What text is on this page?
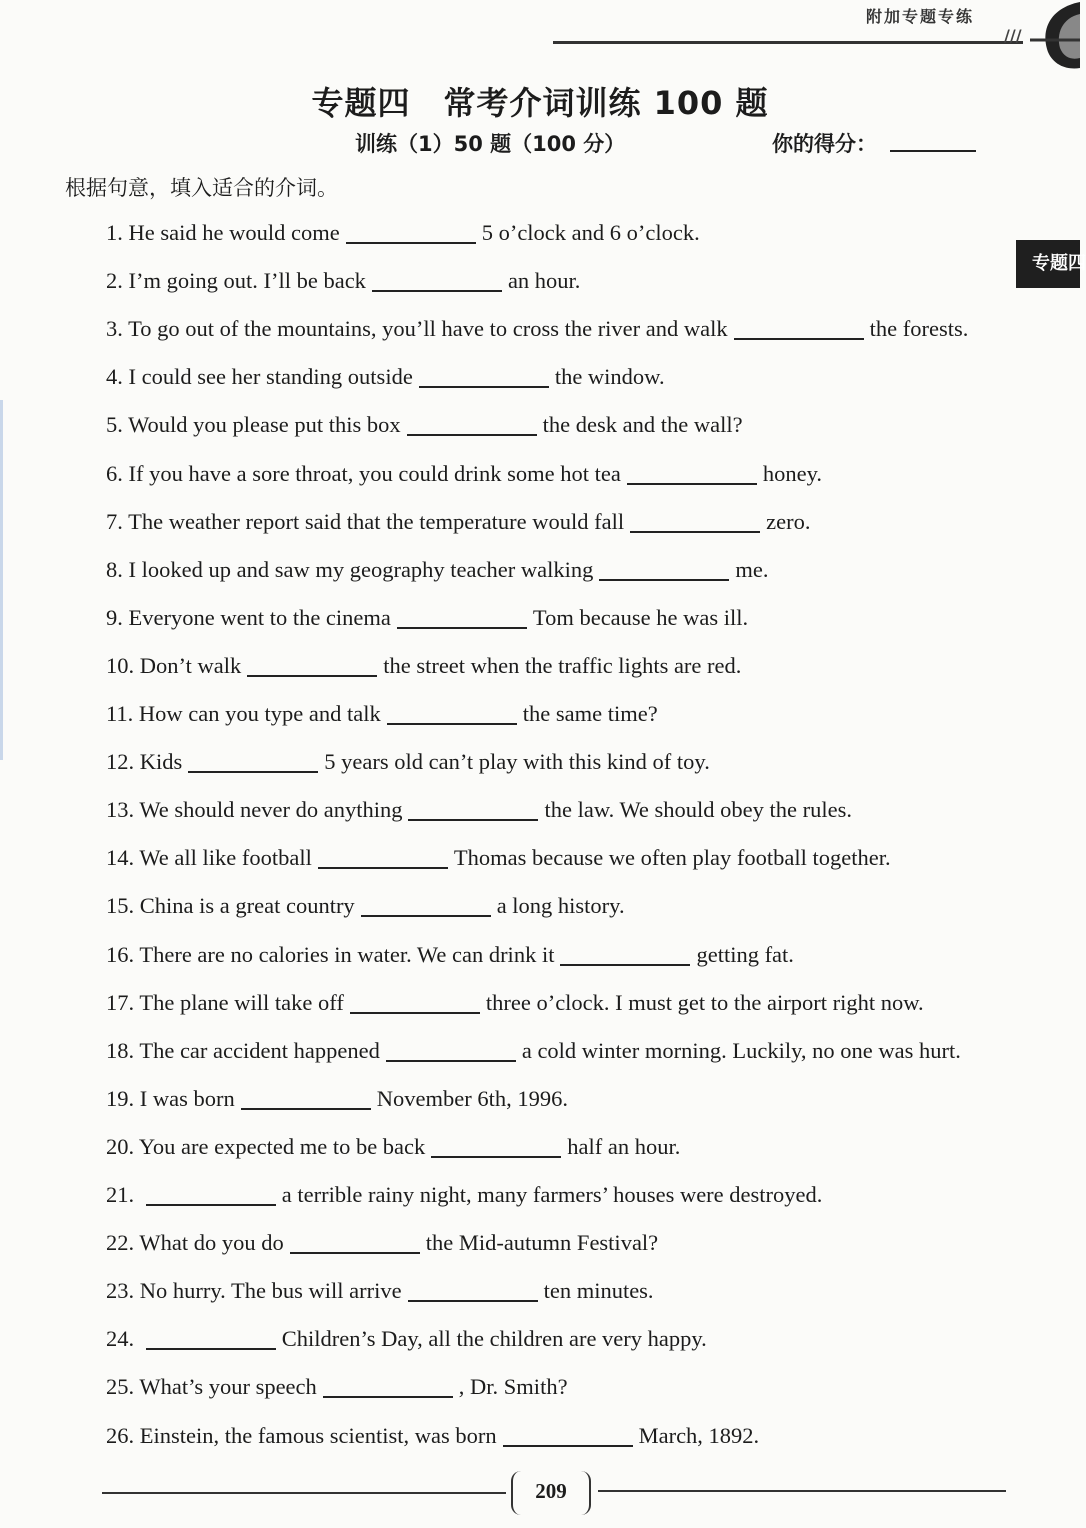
附加专题专练
///
专题四
专题四　常考介词训练 100 题
训练（1）50 题（100 分）	你的得分：
根据句意，填入适合的介词。
1. He said he would come	5 o’clock and 6 o’clock.
2. I’m going out. I’ll be back	an hour.
3. To go out of the mountains, you’ll have to cross the river and walk	the forests.
4. I could see her standing outside	the window.
5. Would you please put this box	the desk and the wall?
6. If you have a sore throat, you could drink some hot tea	honey.
7. The weather report said that the temperature would fall	zero.
8. I looked up and saw my geography teacher walking	me.
9. Everyone went to the cinema	Tom because he was ill.
10. Don’t walk	the street when the traffic lights are red.
11. How can you type and talk	the same time?
12. Kids	5 years old can’t play with this kind of toy.
13. We should never do anything	the law. We should obey the rules.
14. We all like football	Thomas because we often play football together.
15. China is a great country	a long history.
16. There are no calories in water. We can drink it	getting fat.
17. The plane will take off	three o’clock. I must get to the airport right now.
18. The car accident happened	a cold winter morning. Luckily, no one was hurt.
19. I was born	November 6th, 1996.
20. You are expected me to be back	half an hour.
21.	a terrible rainy night, many farmers’ houses were destroyed.
22. What do you do	the Mid-autumn Festival?
23. No hurry. The bus will arrive	ten minutes.
24.	Children’s Day, all the children are very happy.
25. What’s your speech	, Dr. Smith?
26. Einstein, the famous scientist, was born	March, 1892.
209
